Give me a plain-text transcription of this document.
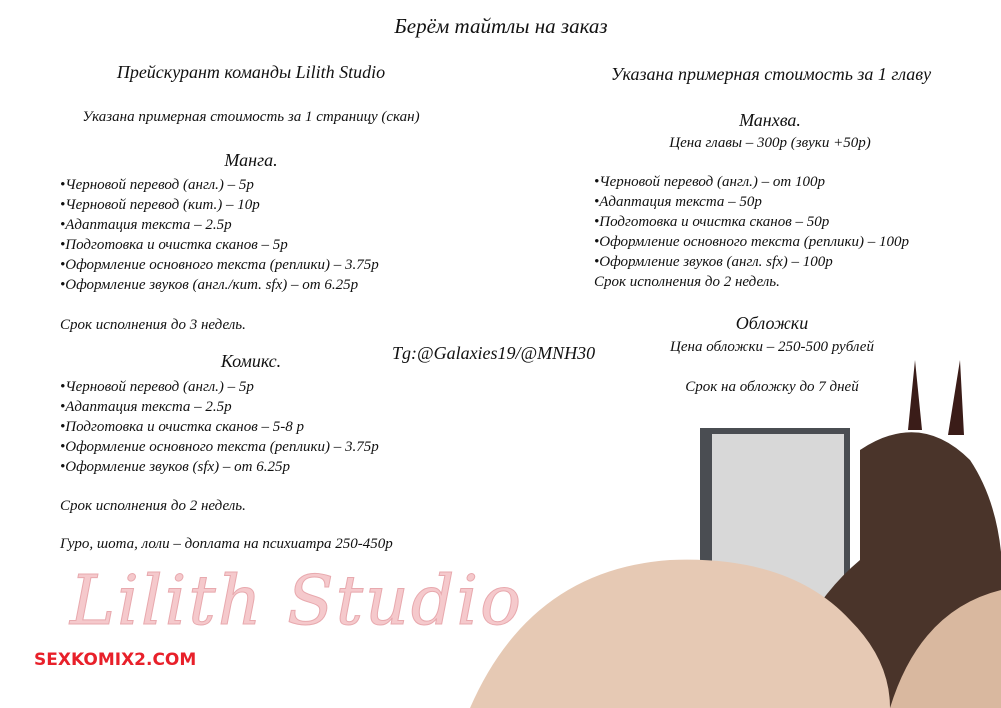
Берём тайтлы на заказ
Прейскурант команды Lilith Studio
Указана примерная стоимость за 1 страницу (скан)
Манга.
•Черновой перевод (англ.) – 5р
•Черновой перевод (кит.) – 10р
•Адаптация текста – 2.5р
•Подготовка и очистка сканов – 5р
•Оформление основного текста (реплики) – 3.75р
•Оформление звуков (англ./кит. sfx) – от 6.25р
Срок исполнения до 3 недель.
Комикс.
•Черновой перевод (англ.) – 5р
•Адаптация текста – 2.5р
•Подготовка и очистка сканов – 5-8 р
•Оформление основного текста (реплики) – 3.75р
•Оформление звуков (sfx) – от 6.25р
Срок исполнения до 2 недель.
Гуро, шота, лоли – доплата на психиатра 250-450р
Tg:@Galaxies19/@MNH30
Указана примерная стоимость за 1 главу
Манхва.
Цена главы – 300р (звуки +50р)
•Черновой перевод (англ.) – от 100р
•Адаптация текста – 50р
•Подготовка и очистка сканов – 50р
•Оформление основного текста (реплики) – 100р
•Оформление звуков (англ. sfx) – 100р
Срок исполнения до 2 недель.
Обложки
Цена обложки – 250-500 рублей
Срок на обложку до 7 дней
Lilith Studio
SEXKOMIX2.COM
